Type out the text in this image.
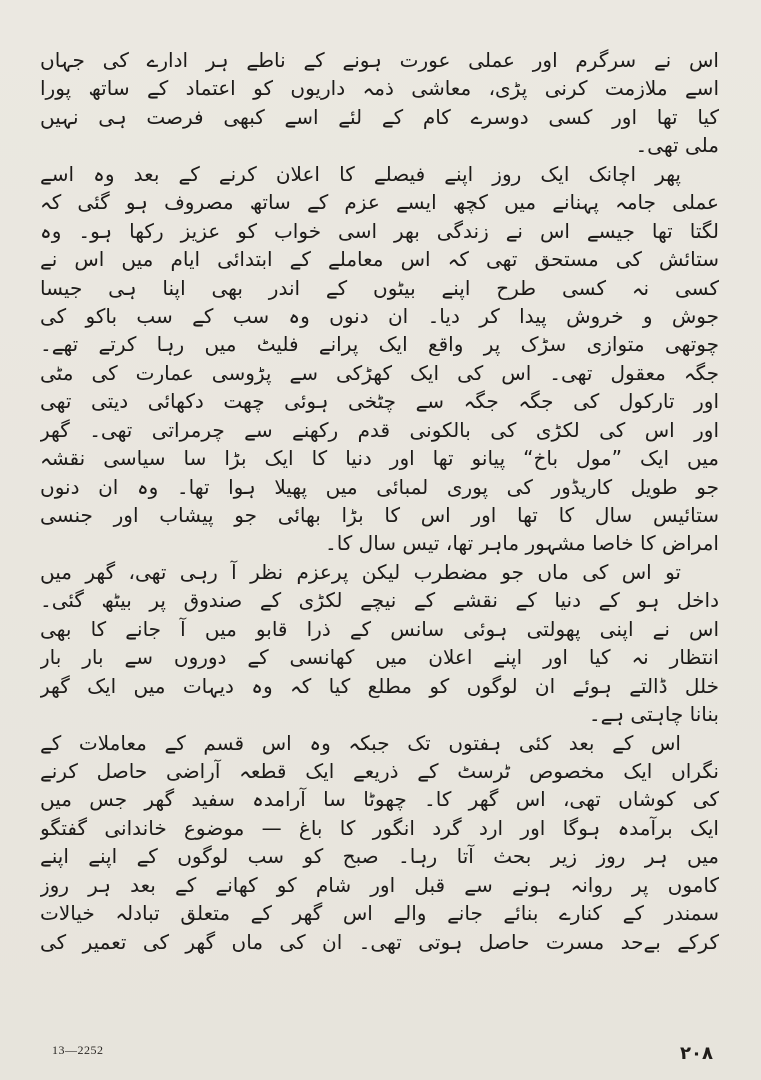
اس نے سرگرم اور عملی عورت ہونے کے ناطے ہر ادارے کی جہاں
اسے ملازمت کرنی پڑی، معاشی ذمہ داریوں کو اعتماد کے ساتھ پورا
کیا تھا اور کسی دوسرے کام کے لئے اسے کبھی فرصت ہی نہیں
ملی تھی۔
پھر اچانک ایک روز اپنے فیصلے کا اعلان کرنے کے بعد وہ اسے
عملی جامہ پہنانے میں کچھ ایسے عزم کے ساتھ مصروف ہو گئی کہ
لگتا تھا جیسے اس نے زندگی بھر اسی خواب کو عزیز رکھا ہو۔ وہ
ستائش کی مستحق تھی کہ اس معاملے کے ابتدائی ایام میں اس نے
کسی نہ کسی طرح اپنے بیٹوں کے اندر بھی اپنا ہی جیسا
جوش و خروش پیدا کر دیا۔ ان دنوں وہ سب کے سب باکو کی
چوتھی متوازی سڑک پر واقع ایک پرانے فلیٹ میں رہا کرتے تھے۔
جگہ معقول تھی۔ اس کی ایک کھڑکی سے پڑوسی عمارت کی مٹی
اور تارکول کی جگہ جگہ سے چٹخی ہوئی چھت دکھائی دیتی تھی
اور اس کی لکڑی کی بالکونی قدم رکھنے سے چرمراتی تھی۔ گھر
میں ایک ”مول باخ“ پیانو تھا اور دنیا کا ایک بڑا سا سیاسی نقشہ
جو طویل کاریڈور کی پوری لمبائی میں پھیلا ہوا تھا۔ وہ ان دنوں
ستائیس سال کا تھا اور اس کا بڑا بھائی جو پیشاب اور جنسی
امراض کا خاصا مشہور ماہر تھا، تیس سال کا۔
تو اس کی ماں جو مضطرب لیکن پرعزم نظر آ رہی تھی، گھر میں
داخل ہو کے دنیا کے نقشے کے نیچے لکڑی کے صندوق پر بیٹھ گئی۔
اس نے اپنی پھولتی ہوئی سانس کے ذرا قابو میں آ جانے کا بھی
انتظار نہ کیا اور اپنے اعلان میں کھانسی کے دوروں سے بار بار
خلل ڈالتے ہوئے ان لوگوں کو مطلع کیا کہ وہ دیہات میں ایک گھر
بنانا چاہتی ہے۔
اس کے بعد کئی ہفتوں تک جبکہ وہ اس قسم کے معاملات کے
نگراں ایک مخصوص ٹرسٹ کے ذریعے ایک قطعہ آراضی حاصل کرنے
کی کوشاں تھی، اس گھر کا۔ چھوٹا سا آرامدہ سفید گھر جس میں
ایک برآمدہ ہوگا اور ارد گرد انگور کا باغ — موضوع خاندانی گفتگو
میں ہر روز زیر بحث آتا رہا۔ صبح کو سب لوگوں کے اپنے اپنے
کاموں پر روانہ ہونے سے قبل اور شام کو کھانے کے بعد ہر روز
سمندر کے کنارے بنائے جانے والے اس گھر کے متعلق تبادلہ خیالات
کرکے بےحد مسرت حاصل ہوتی تھی۔ ان کی ماں گھر کی تعمیر کی
13—2252	۲۰۸
